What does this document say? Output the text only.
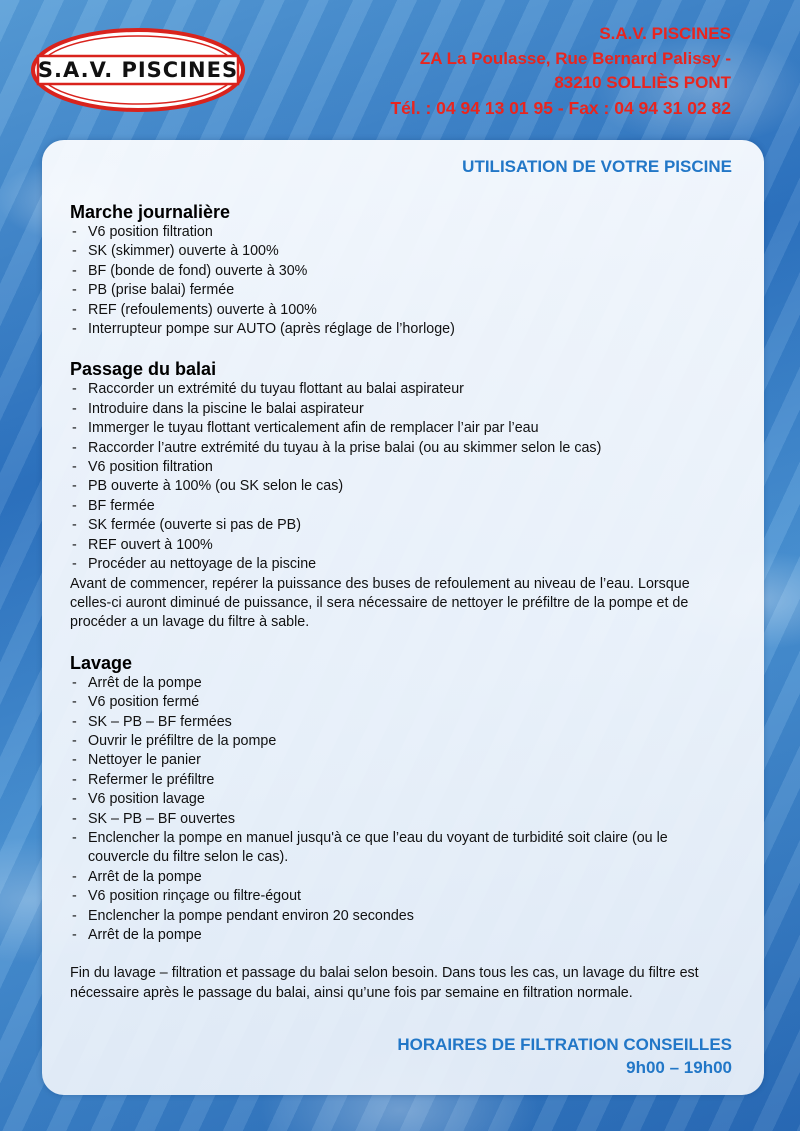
S.A.V. PISCINES
S.A.V. PISCINES
ZA La Poulasse, Rue Bernard Palissy -
83210 SOLLIÈS PONT
Tél. : 04 94 13 01 95 - Fax : 04 94 31 02 82
UTILISATION DE VOTRE PISCINE
Marche journalière
- V6 position filtration
- SK (skimmer) ouverte à 100%
- BF (bonde de fond) ouverte à 30%
- PB (prise balai) fermée
- REF (refoulements) ouverte à 100%
- Interrupteur pompe sur AUTO (après réglage de l’horloge)
Passage du balai
- Raccorder un extrémité du tuyau flottant au balai aspirateur
- Introduire dans la piscine le balai aspirateur
- Immerger le tuyau flottant verticalement afin de remplacer l’air par l’eau
- Raccorder l’autre extrémité du tuyau à la prise balai (ou au skimmer selon le cas)
- V6 position filtration
- PB ouverte à 100% (ou SK selon le cas)
- BF fermée
- SK fermée (ouverte si pas de PB)
- REF ouvert à 100%
- Procéder au nettoyage de la piscine

Avant de commencer, repérer la puissance des buses de refoulement au niveau de l’eau. Lorsque celles-ci auront diminué de puissance, il sera nécessaire de nettoyer le préfiltre de la pompe et de procéder a un lavage du filtre à sable.

Lavage
- Arrêt de la pompe
- V6 position fermé
- SK – PB – BF fermées
- Ouvrir le préfiltre de la pompe
- Nettoyer le panier
- Refermer le préfiltre
- V6 position lavage
- SK – PB – BF ouvertes
- Enclencher la pompe en manuel jusqu'à ce que l’eau du voyant de turbidité soit claire (ou le couvercle du filtre selon le cas).
- Arrêt de la pompe
- V6 position rinçage ou filtre-égout
- Enclencher la pompe pendant environ 20 secondes
- Arrêt de la pompe

Fin du lavage – filtration et passage du balai selon besoin. Dans tous les cas, un lavage du filtre est nécessaire après le passage du balai, ainsi qu’une fois par semaine en filtration normale.

HORAIRES DE FILTRATION CONSEILLES
9h00 – 19h00
